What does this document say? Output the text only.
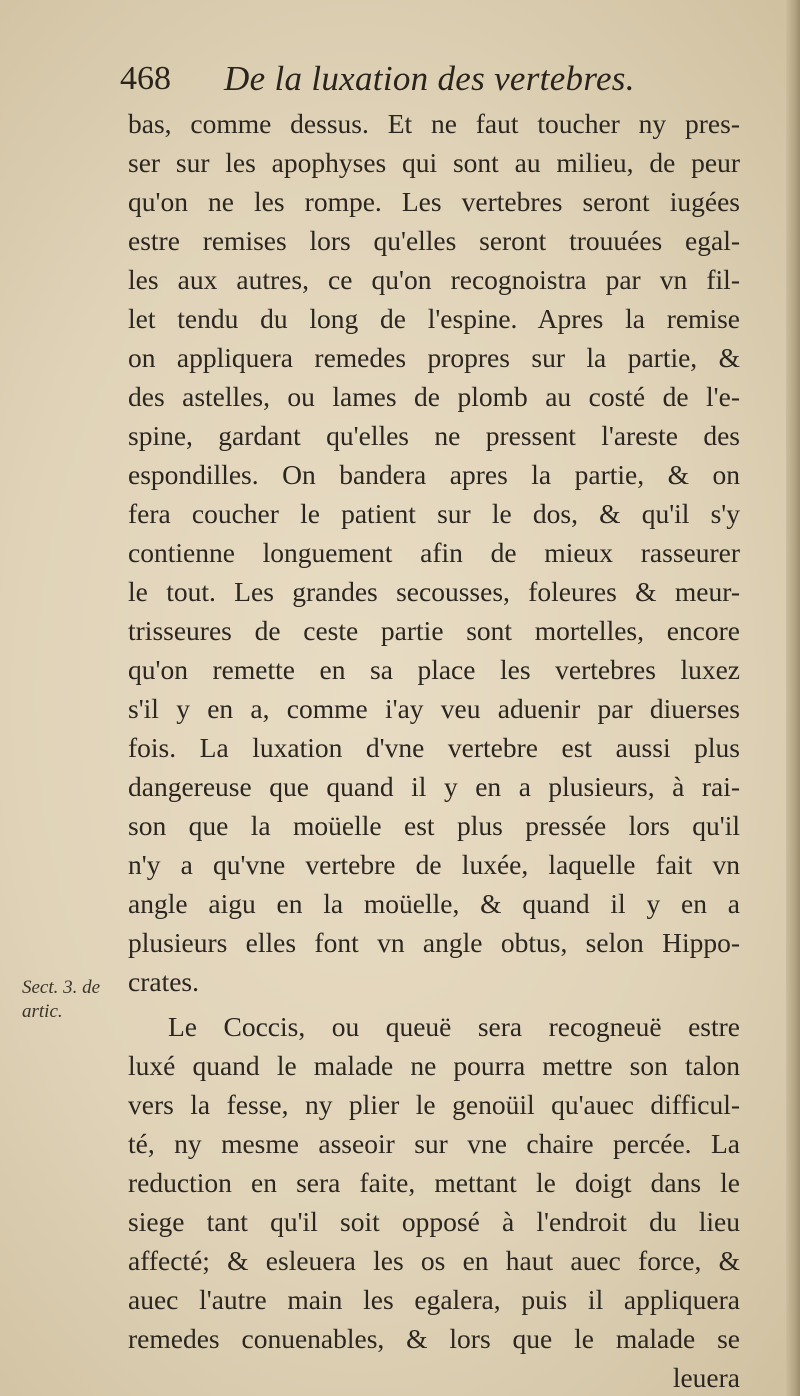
468 De la luxation des vertebres.
bas, comme dessus. Et ne faut toucher ny pres-
ser sur les apophyses qui sont au milieu, de peur
qu'on ne les rompe. Les vertebres seront iugées
estre remises lors qu'elles seront trouuées egal-
les aux autres, ce qu'on recognoistra par vn fil-
let tendu du long de l'espine. Apres la remise
on appliquera remedes propres sur la partie, &
des astelles, ou lames de plomb au costé de l'e-
spine, gardant qu'elles ne pressent l'areste des
espondilles. On bandera apres la partie, & on
fera coucher le patient sur le dos, & qu'il s'y
contienne longuement afin de mieux rasseurer
le tout. Les grandes secousses, foleures & meur-
trisseures de ceste partie sont mortelles, encore
qu'on remette en sa place les vertebres luxez
s'il y en a, comme i'ay veu aduenir par diuerses
fois. La luxation d'vne vertebre est aussi plus
dangereuse que quand il y en a plusieurs, à rai-
son que la moüelle est plus pressée lors qu'il
n'y a qu'vne vertebre de luxée, laquelle fait vn
angle aigu en la moüelle, & quand il y en a
plusieurs elles font vn angle obtus, selon Hippo-
crates.
Le Coccis, ou queuë sera recogneuë estre
luxé quand le malade ne pourra mettre son talon
vers la fesse, ny plier le genoüil qu'auec difficul-
té, ny mesme asseoir sur vne chaire percée. La
reduction en sera faite, mettant le doigt dans le
siege tant qu'il soit opposé à l'endroit du lieu
affecté; & esleuera les os en haut auec force, &
auec l'autre main les egalera, puis il appliquera
remedes conuenables, & lors que le malade se
leuera
Sect. 3. de
artic.
